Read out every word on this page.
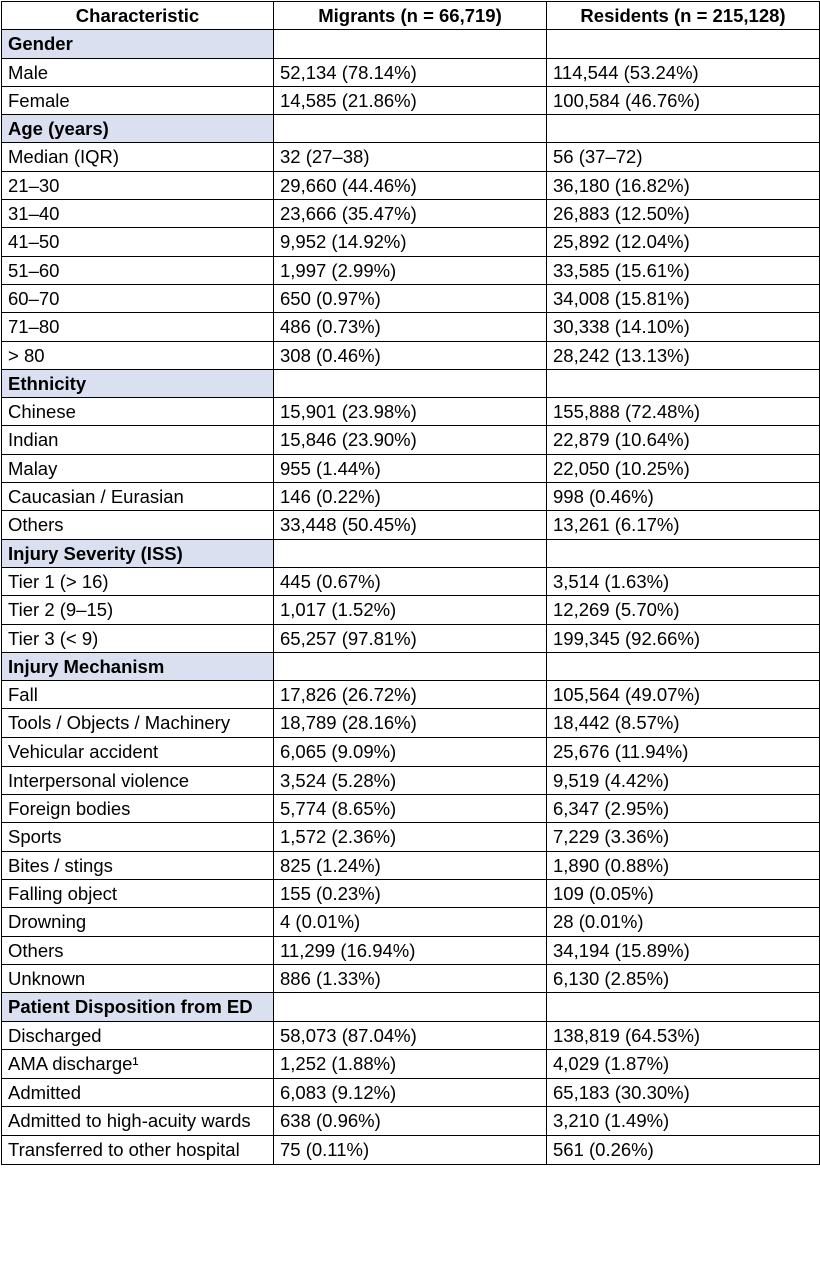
Characteristic	Migrants (n = 66,719)	Residents (n = 215,128)
Gender		
Male	52,134 (78.14%)	114,544 (53.24%)
Female	14,585 (21.86%)	100,584 (46.76%)
Age (years)		
Median (IQR)	32 (27–38)	56 (37–72)
21–30	29,660 (44.46%)	36,180 (16.82%)
31–40	23,666 (35.47%)	26,883 (12.50%)
41–50	9,952 (14.92%)	25,892 (12.04%)
51–60	1,997 (2.99%)	33,585 (15.61%)
60–70	650 (0.97%)	34,008 (15.81%)
71–80	486 (0.73%)	30,338 (14.10%)
> 80	308 (0.46%)	28,242 (13.13%)
Ethnicity		
Chinese	15,901 (23.98%)	155,888 (72.48%)
Indian	15,846 (23.90%)	22,879 (10.64%)
Malay	955 (1.44%)	22,050 (10.25%)
Caucasian / Eurasian	146 (0.22%)	998 (0.46%)
Others	33,448 (50.45%)	13,261 (6.17%)
Injury Severity (ISS)		
Tier 1 (> 16)	445 (0.67%)	3,514 (1.63%)
Tier 2 (9–15)	1,017 (1.52%)	12,269 (5.70%)
Tier 3 (< 9)	65,257 (97.81%)	199,345 (92.66%)
Injury Mechanism		
Fall	17,826 (26.72%)	105,564 (49.07%)
Tools / Objects / Machinery	18,789 (28.16%)	18,442 (8.57%)
Vehicular accident	6,065 (9.09%)	25,676 (11.94%)
Interpersonal violence	3,524 (5.28%)	9,519 (4.42%)
Foreign bodies	5,774 (8.65%)	6,347 (2.95%)
Sports	1,572 (2.36%)	7,229 (3.36%)
Bites / stings	825 (1.24%)	1,890 (0.88%)
Falling object	155 (0.23%)	109 (0.05%)
Drowning	4 (0.01%)	28 (0.01%)
Others	11,299 (16.94%)	34,194 (15.89%)
Unknown	886 (1.33%)	6,130 (2.85%)
Patient Disposition from ED		
Discharged	58,073 (87.04%)	138,819 (64.53%)
AMA discharge¹	1,252 (1.88%)	4,029 (1.87%)
Admitted	6,083 (9.12%)	65,183 (30.30%)
Admitted to high-acuity wards	638 (0.96%)	3,210 (1.49%)
Transferred to other hospital	75 (0.11%)	561 (0.26%)
